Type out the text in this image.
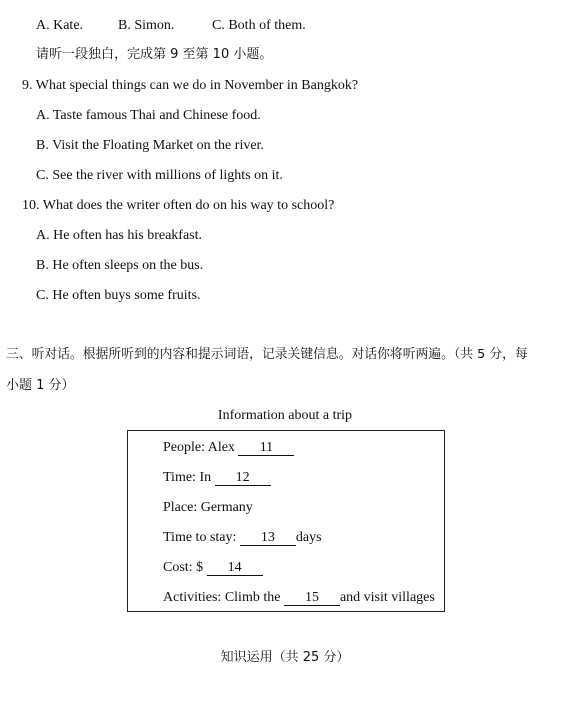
A. Kate. B. Simon.	C. Both of them.
请听一段独白，完成第 9 至第 10 小题。
9. What special things can we do in November in Bangkok?
A. Taste famous Thai and Chinese food.
B. Visit the Floating Market on the river.
C. See the river with millions of lights on it.
10. What does the writer often do on his way to school?
A. He often has his breakfast.
B. He often sleeps on the bus.
C. He often buys some fruits.
三、听对话。根据所听到的内容和提示词语，记录关键信息。对话你将听两遍。（共 5 分，每
小题 1 分）
Information about a trip
People: Alex 11
Time: In 12
Place: Germany
Time to stay: 13 days
Cost: $ 14
Activities: Climb the 15 and visit villages
知识运用（共 25 分）
